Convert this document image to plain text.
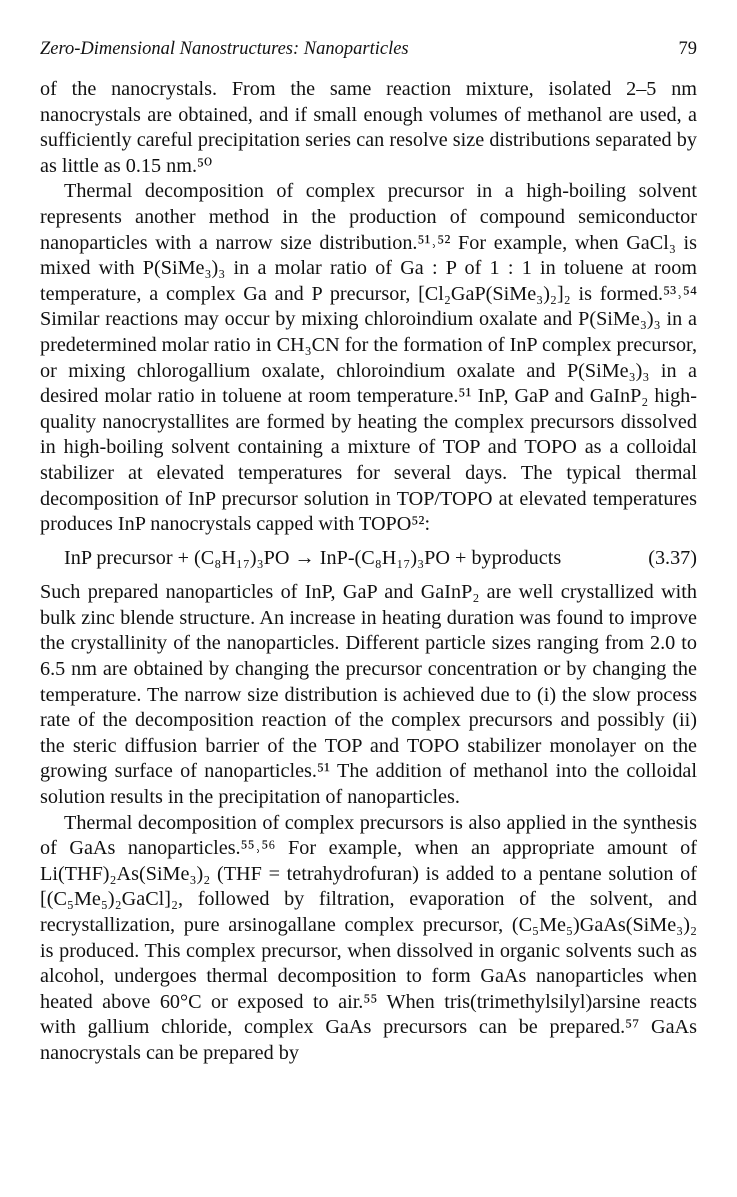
Zero-Dimensional Nanostructures: Nanoparticles	79

of the nanocrystals. From the same reaction mixture, isolated 2–5 nm nanocrystals are obtained, and if small enough volumes of methanol are used, a sufficiently careful precipitation series can resolve size distributions separated by as little as 0.15 nm.⁵⁰

Thermal decomposition of complex precursor in a high-boiling solvent represents another method in the production of compound semiconductor nanoparticles with a narrow size distribution.⁵¹˒⁵² For example, when GaCl₃ is mixed with P(SiMe₃)₃ in a molar ratio of Ga : P of 1 : 1 in toluene at room temperature, a complex Ga and P precursor, [Cl₂GaP(SiMe₃)₂]₂ is formed.⁵³˒⁵⁴ Similar reactions may occur by mixing chloroindium oxalate and P(SiMe₃)₃ in a predetermined molar ratio in CH₃CN for the formation of InP complex precursor, or mixing chlorogallium oxalate, chloroindium oxalate and P(SiMe₃)₃ in a desired molar ratio in toluene at room temperature.⁵¹ InP, GaP and GaInP₂ high-quality nanocrystallites are formed by heating the complex precursors dissolved in high-boiling solvent containing a mixture of TOP and TOPO as a colloidal stabilizer at elevated temperatures for several days. The typical thermal decomposition of InP precursor solution in TOP/TOPO at elevated temperatures produces InP nanocrystals capped with TOPO⁵²:

InP precursor + (C₈H₁₇)₃PO → InP-(C₈H₁₇)₃PO + byproducts	(3.37)

Such prepared nanoparticles of InP, GaP and GaInP₂ are well crystallized with bulk zinc blende structure. An increase in heating duration was found to improve the crystallinity of the nanoparticles. Different particle sizes ranging from 2.0 to 6.5 nm are obtained by changing the precursor concentration or by changing the temperature. The narrow size distribution is achieved due to (i) the slow process rate of the decomposition reaction of the complex precursors and possibly (ii) the steric diffusion barrier of the TOP and TOPO stabilizer monolayer on the growing surface of nanoparticles.⁵¹ The addition of methanol into the colloidal solution results in the precipitation of nanoparticles.

Thermal decomposition of complex precursors is also applied in the synthesis of GaAs nanoparticles.⁵⁵˒⁵⁶ For example, when an appropriate amount of Li(THF)₂As(SiMe₃)₂ (THF = tetrahydrofuran) is added to a pentane solution of [(C₅Me₅)₂GaCl]₂, followed by filtration, evaporation of the solvent, and recrystallization, pure arsinogallane complex precursor, (C₅Me₅)GaAs(SiMe₃)₂ is produced. This complex precursor, when dissolved in organic solvents such as alcohol, undergoes thermal decomposition to form GaAs nanoparticles when heated above 60°C or exposed to air.⁵⁵ When tris(trimethylsilyl)arsine reacts with gallium chloride, complex GaAs precursors can be prepared.⁵⁷ GaAs nanocrystals can be prepared by
